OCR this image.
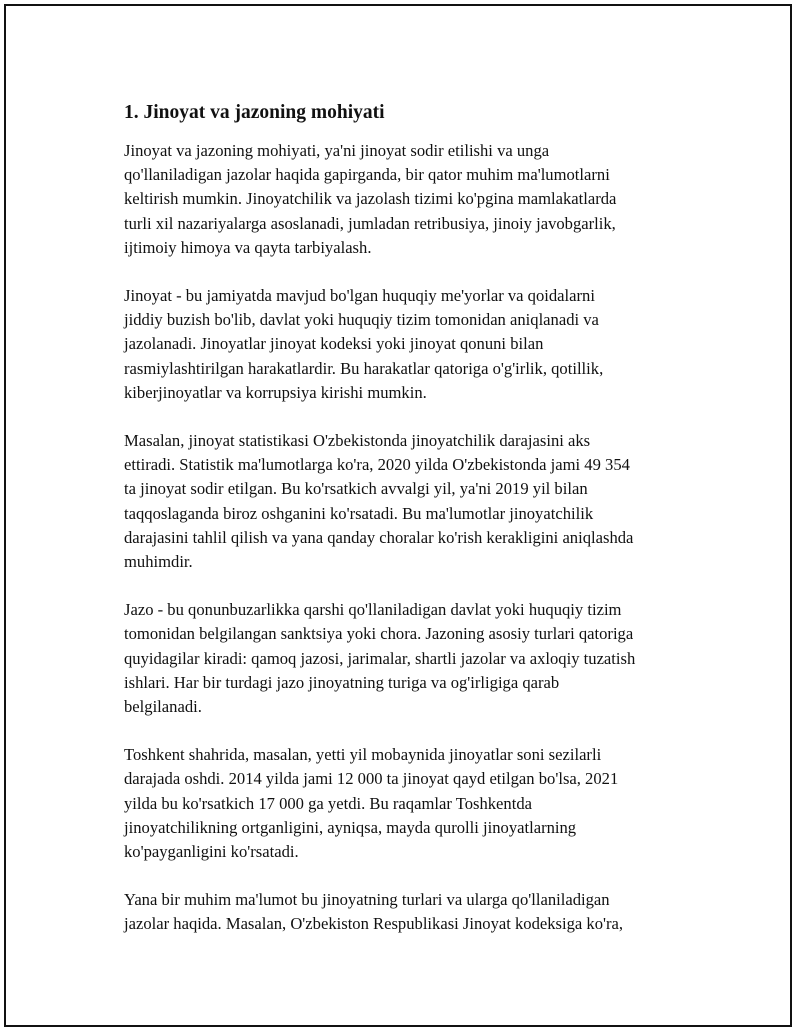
1. Jinoyat va jazoning mohiyati

Jinoyat va jazoning mohiyati, ya'ni jinoyat sodir etilishi va unga
qo'llaniladigan jazolar haqida gapirganda, bir qator muhim ma'lumotlarni
keltirish mumkin. Jinoyatchilik va jazolash tizimi ko'pgina mamlakatlarda
turli xil nazariyalarga asoslanadi, jumladan retribusiya, jinoiy javobgarlik,
ijtimoiy himoya va qayta tarbiyalash.

Jinoyat - bu jamiyatda mavjud bo'lgan huquqiy me'yorlar va qoidalarni
jiddiy buzish bo'lib, davlat yoki huquqiy tizim tomonidan aniqlanadi va
jazolanadi. Jinoyatlar jinoyat kodeksi yoki jinoyat qonuni bilan
rasmiylashtirilgan harakatlardir. Bu harakatlar qatoriga o'g'irlik, qotillik,
kiberjinoyatlar va korrupsiya kirishi mumkin.

Masalan, jinoyat statistikasi O'zbekistonda jinoyatchilik darajasini aks
ettiradi. Statistik ma'lumotlarga ko'ra, 2020 yilda O'zbekistonda jami 49 354
ta jinoyat sodir etilgan. Bu ko'rsatkich avvalgi yil, ya'ni 2019 yil bilan
taqqoslaganda biroz oshganini ko'rsatadi. Bu ma'lumotlar jinoyatchilik
darajasini tahlil qilish va yana qanday choralar ko'rish kerakligini aniqlashda
muhimdir.

Jazo - bu qonunbuzarlikka qarshi qo'llaniladigan davlat yoki huquqiy tizim
tomonidan belgilangan sanktsiya yoki chora. Jazoning asosiy turlari qatoriga
quyidagilar kiradi: qamoq jazosi, jarimalar, shartli jazolar va axloqiy tuzatish
ishlari. Har bir turdagi jazo jinoyatning turiga va og'irligiga qarab
belgilanadi.

Toshkent shahrida, masalan, yetti yil mobaynida jinoyatlar soni sezilarli
darajada oshdi. 2014 yilda jami 12 000 ta jinoyat qayd etilgan bo'lsa, 2021
yilda bu ko'rsatkich 17 000 ga yetdi. Bu raqamlar Toshkentda
jinoyatchilikning ortganligini, ayniqsa, mayda qurolli jinoyatlarning
ko'payganligini ko'rsatadi.

Yana bir muhim ma'lumot bu jinoyatning turlari va ularga qo'llaniladigan
jazolar haqida. Masalan, O'zbekiston Respublikasi Jinoyat kodeksiga ko'ra,
